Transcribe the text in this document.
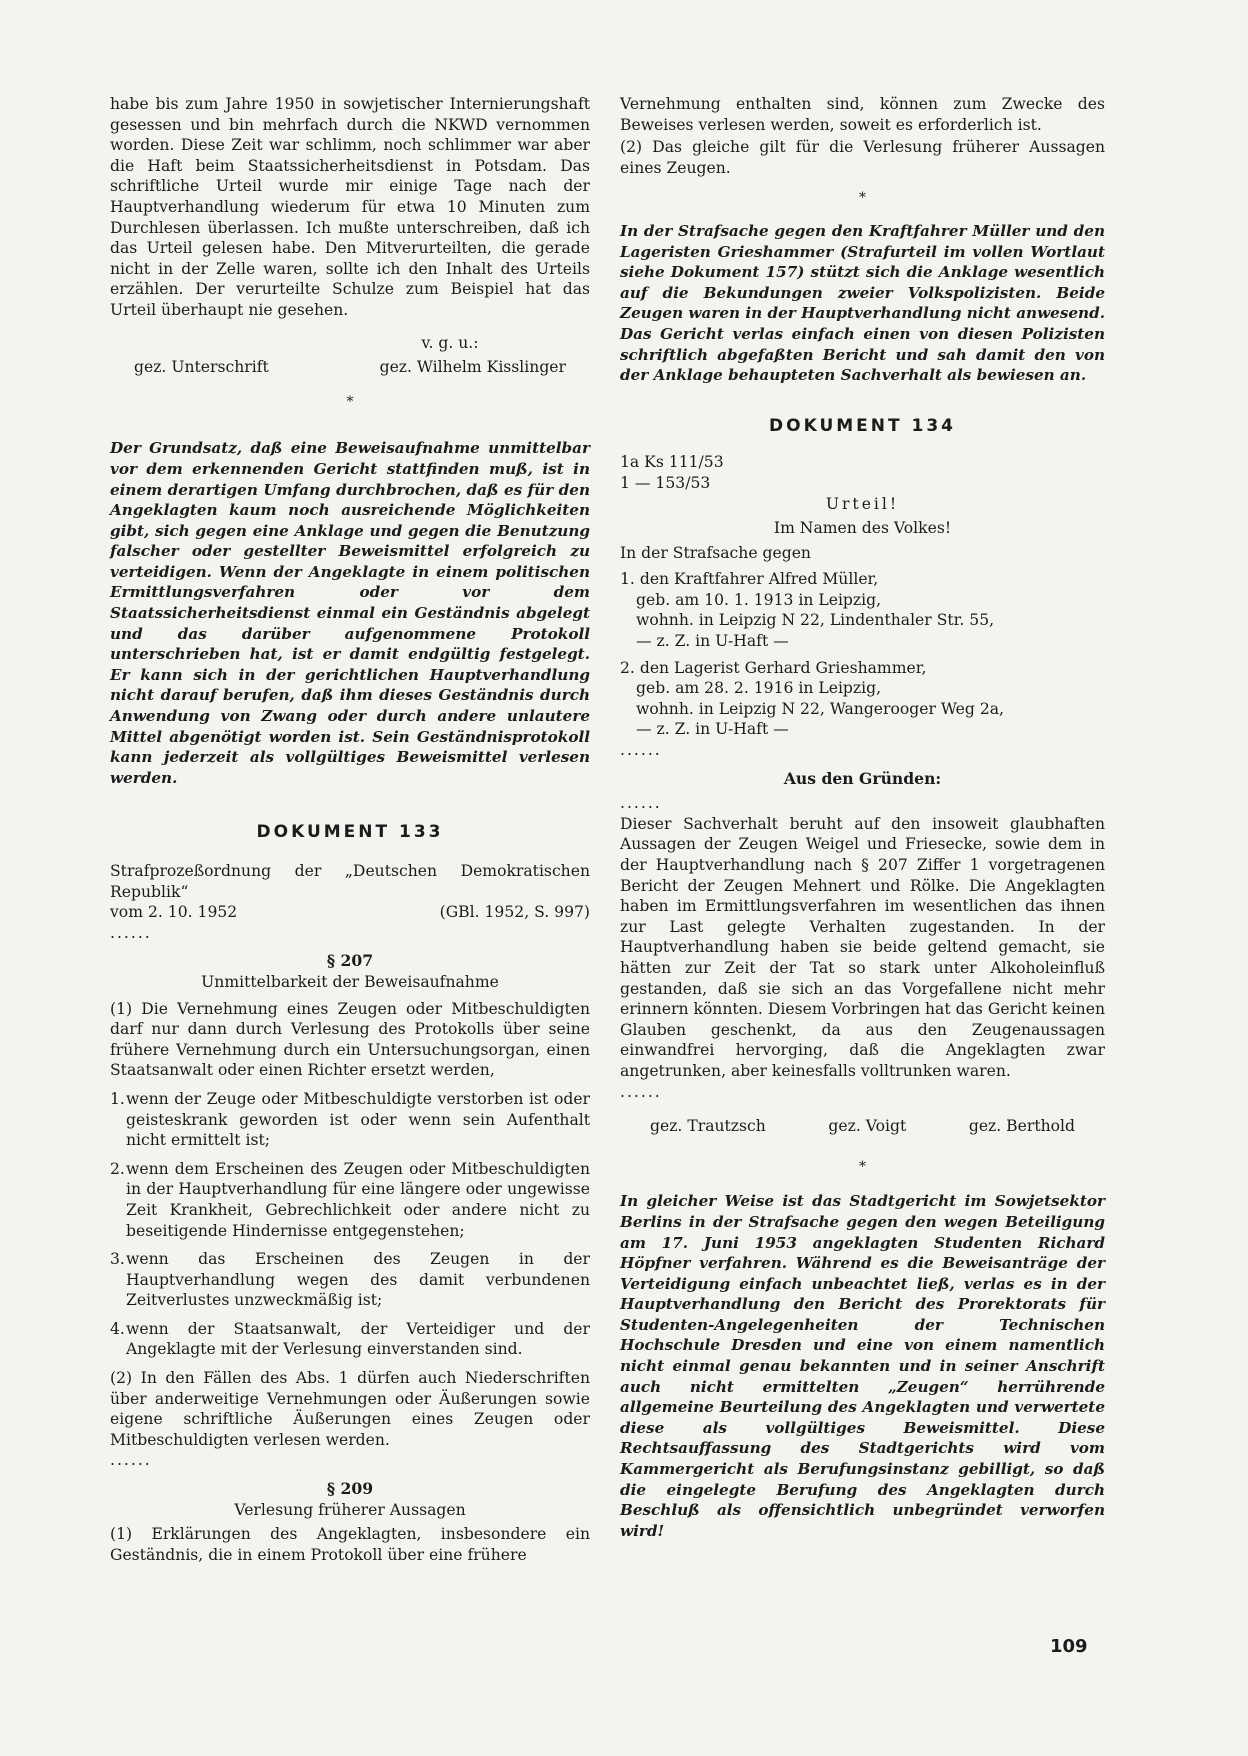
habe bis zum Jahre 1950 in sowjetischer Internierungshaft gesessen und bin mehrfach durch die NKWD vernommen worden. Diese Zeit war schlimm, noch schlimmer war aber die Haft beim Staatssicherheitsdienst in Potsdam. Das schriftliche Urteil wurde mir einige Tage nach der Hauptverhandlung wiederum für etwa 10 Minuten zum Durchlesen überlassen. Ich mußte unterschreiben, daß ich das Urteil gelesen habe. Den Mitverurteilten, die gerade nicht in der Zelle waren, sollte ich den Inhalt des Urteils erzählen. Der verurteilte Schulze zum Beispiel hat das Urteil überhaupt nie gesehen.

v. g. u.:

gez. Unterschrift	gez. Wilhelm Kisslinger

*

Der Grundsatz, daß eine Beweisaufnahme unmittelbar vor dem erkennenden Gericht stattfinden muß, ist in einem derartigen Umfang durchbrochen, daß es für den Angeklagten kaum noch ausreichende Möglichkeiten gibt, sich gegen eine Anklage und gegen die Benutzung falscher oder gestellter Beweismittel erfolgreich zu verteidigen. Wenn der Angeklagte in einem politischen Ermittlungsverfahren oder vor dem Staatssicherheitsdienst einmal ein Geständnis abgelegt und das darüber aufgenommene Protokoll unterschrieben hat, ist er damit endgültig festgelegt. Er kann sich in der gerichtlichen Hauptverhandlung nicht darauf berufen, daß ihm dieses Geständnis durch Anwendung von Zwang oder durch andere unlautere Mittel abgenötigt worden ist. Sein Geständnisprotokoll kann jederzeit als vollgültiges Beweismittel verlesen werden.

DOKUMENT 133

Strafprozeßordnung der „Deutschen Demokratischen Republik“

vom 2. 10. 1952	(GBl. 1952, S. 997)

......

§ 207

Unmittelbarkeit der Beweisaufnahme

(1) Die Vernehmung eines Zeugen oder Mitbeschuldigten darf nur dann durch Verlesung des Protokolls über seine frühere Vernehmung durch ein Untersuchungsorgan, einen Staatsanwalt oder einen Richter ersetzt werden,

1. wenn der Zeuge oder Mitbeschuldigte verstorben ist oder geisteskrank geworden ist oder wenn sein Aufenthalt nicht ermittelt ist;
2. wenn dem Erscheinen des Zeugen oder Mitbeschuldigten in der Hauptverhandlung für eine längere oder ungewisse Zeit Krankheit, Gebrechlichkeit oder andere nicht zu beseitigende Hindernisse entgegenstehen;
3. wenn das Erscheinen des Zeugen in der Hauptverhandlung wegen des damit verbundenen Zeitverlustes unzweckmäßig ist;
4. wenn der Staatsanwalt, der Verteidiger und der Angeklagte mit der Verlesung einverstanden sind.

(2) In den Fällen des Abs. 1 dürfen auch Niederschriften über anderweitige Vernehmungen oder Äußerungen sowie eigene schriftliche Äußerungen eines Zeugen oder Mitbeschuldigten verlesen werden.

......

§ 209

Verlesung früherer Aussagen

(1) Erklärungen des Angeklagten, insbesondere ein Geständnis, die in einem Protokoll über eine frühere

Vernehmung enthalten sind, können zum Zwecke des Beweises verlesen werden, soweit es erforderlich ist.

(2) Das gleiche gilt für die Verlesung früherer Aussagen eines Zeugen.

*

In der Strafsache gegen den Kraftfahrer Müller und den Lageristen Grieshammer (Strafurteil im vollen Wortlaut siehe Dokument 157) stützt sich die Anklage wesentlich auf die Bekundungen zweier Volkspolizisten. Beide Zeugen waren in der Hauptverhandlung nicht anwesend. Das Gericht verlas einfach einen von diesen Polizisten schriftlich abgefaßten Bericht und sah damit den von der Anklage behaupteten Sachverhalt als bewiesen an.

DOKUMENT 134

1a Ks 111/53

1 — 153/53

Urteil!

Im Namen des Volkes!

In der Strafsache gegen

1. den Kraftfahrer Alfred Müller,

geb. am 10. 1. 1913 in Leipzig,

wohnh. in Leipzig N 22, Lindenthaler Str. 55,

— z. Z. in U-Haft —

2. den Lagerist Gerhard Grieshammer,

geb. am 28. 2. 1916 in Leipzig,

wohnh. in Leipzig N 22, Wangerooger Weg 2a,

— z. Z. in U-Haft —

......

Aus den Gründen:

......

Dieser Sachverhalt beruht auf den insoweit glaubhaften Aussagen der Zeugen Weigel und Friesecke, sowie dem in der Hauptverhandlung nach § 207 Ziffer 1 vorgetragenen Bericht der Zeugen Mehnert und Rölke. Die Angeklagten haben im Ermittlungsverfahren im wesentlichen das ihnen zur Last gelegte Verhalten zugestanden. In der Hauptverhandlung haben sie beide geltend gemacht, sie hätten zur Zeit der Tat so stark unter Alkoholeinfluß gestanden, daß sie sich an das Vorgefallene nicht mehr erinnern könnten. Diesem Vorbringen hat das Gericht keinen Glauben geschenkt, da aus den Zeugenaussagen einwandfrei hervorging, daß die Angeklagten zwar angetrunken, aber keinesfalls volltrunken waren.

......

gez. Trautzsch	gez. Voigt	gez. Berthold

*

In gleicher Weise ist das Stadtgericht im Sowjetsektor Berlins in der Strafsache gegen den wegen Beteiligung am 17. Juni 1953 angeklagten Studenten Richard Höpfner verfahren. Während es die Beweisanträge der Verteidigung einfach unbeachtet ließ, verlas es in der Hauptverhandlung den Bericht des Prorektorats für Studenten-Angelegenheiten der Technischen Hochschule Dresden und eine von einem namentlich nicht einmal genau bekannten und in seiner Anschrift auch nicht ermittelten „Zeugen“ herrührende allgemeine Beurteilung des Angeklagten und verwertete diese als vollgültiges Beweismittel. Diese Rechtsauffassung des Stadtgerichts wird vom Kammergericht als Berufungsinstanz gebilligt, so daß die eingelegte Berufung des Angeklagten durch Beschluß als offensichtlich unbegründet verworfen wird!

109
